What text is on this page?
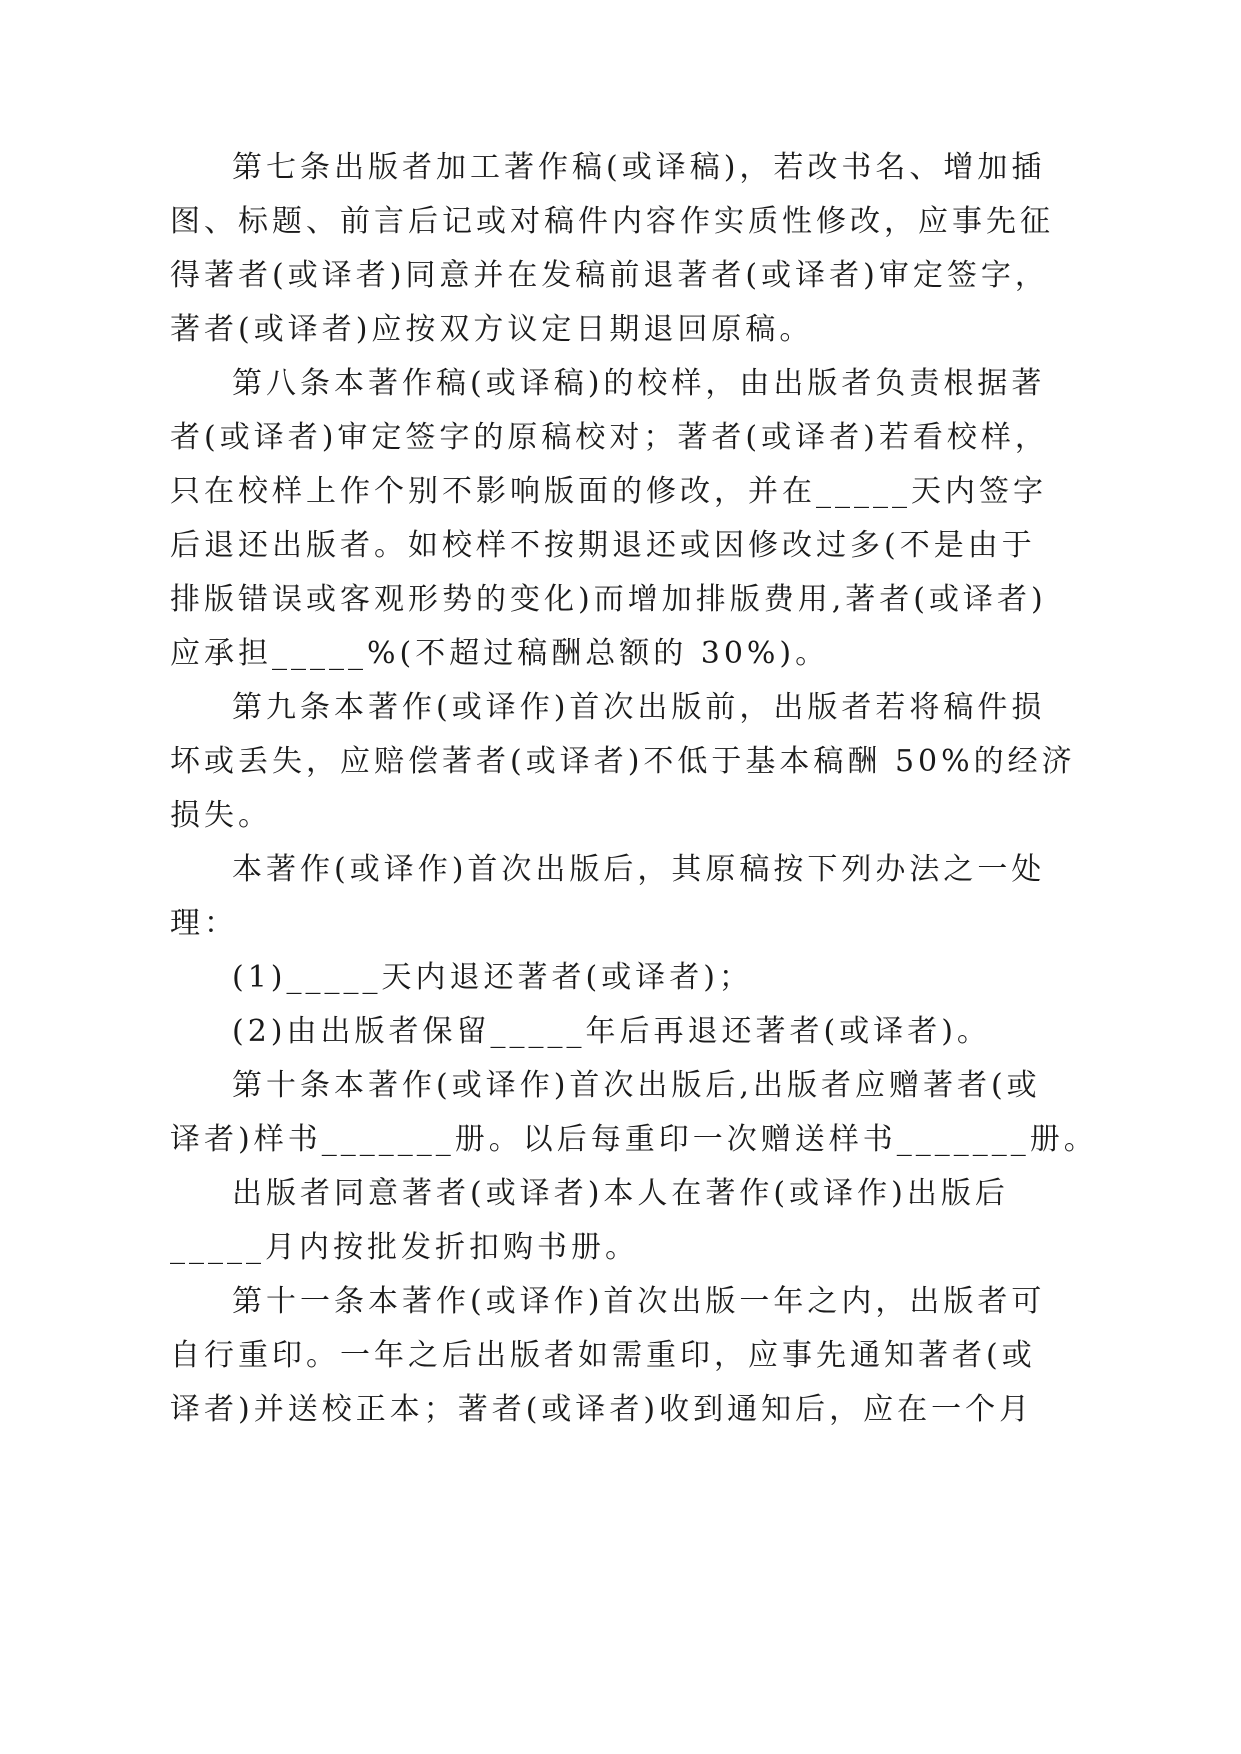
第七条出版者加工著作稿(或译稿)，若改书名、增加插
图、标题、前言后记或对稿件内容作实质性修改，应事先征
得著者(或译者)同意并在发稿前退著者(或译者)审定签字，
著者(或译者)应按双方议定日期退回原稿。
第八条本著作稿(或译稿)的校样，由出版者负责根据著
者(或译者)审定签字的原稿校对；著者(或译者)若看校样，
只在校样上作个别不影响版面的修改，并在_____天内签字
后退还出版者。如校样不按期退还或因修改过多(不是由于
排版错误或客观形势的变化)而增加排版费用,著者(或译者)
应承担_____%(不超过稿酬总额的 30%)。
第九条本著作(或译作)首次出版前，出版者若将稿件损
坏或丢失，应赔偿著者(或译者)不低于基本稿酬 50%的经济
损失。
本著作(或译作)首次出版后，其原稿按下列办法之一处
理：
(1)_____天内退还著者(或译者)；
(2)由出版者保留_____年后再退还著者(或译者)。
第十条本著作(或译作)首次出版后,出版者应赠著者(或
译者)样书_______册。以后每重印一次赠送样书_______册。
出版者同意著者(或译者)本人在著作(或译作)出版后
_____月内按批发折扣购书册。
第十一条本著作(或译作)首次出版一年之内，出版者可
自行重印。一年之后出版者如需重印，应事先通知著者(或
译者)并送校正本；著者(或译者)收到通知后，应在一个月
